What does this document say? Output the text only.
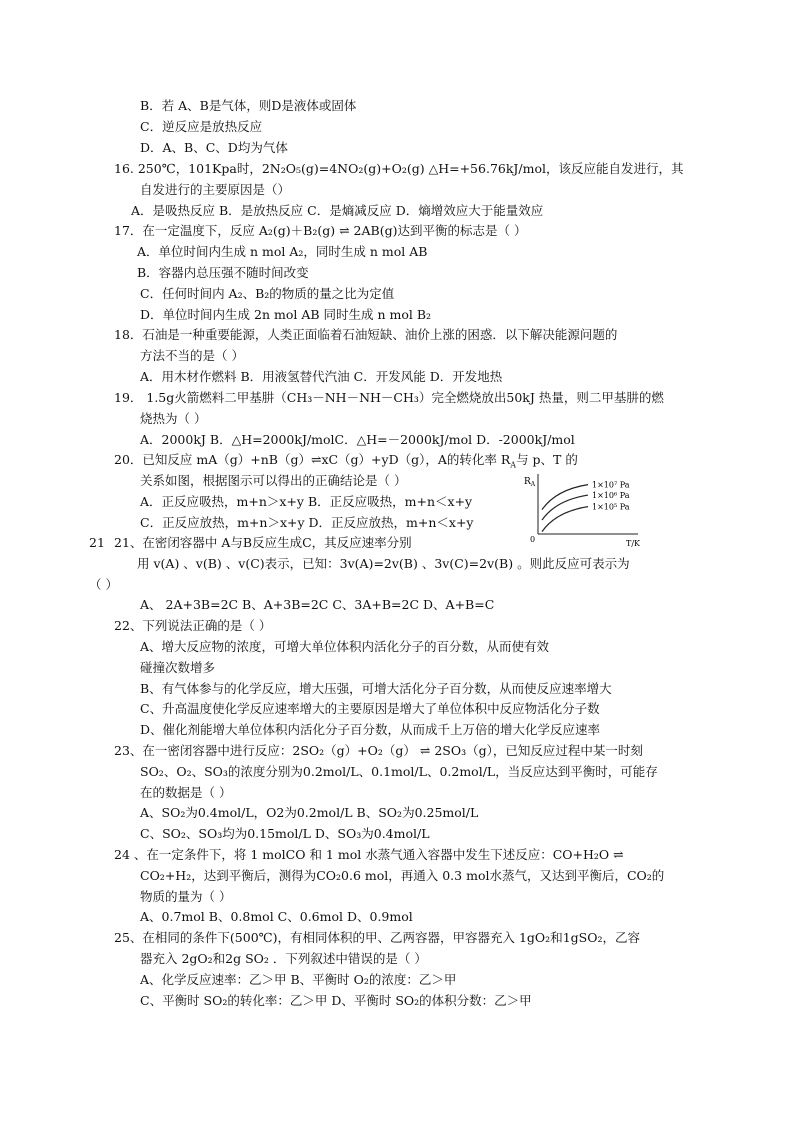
B．若 A、B是气体，则D是液体或固体
C．逆反应是放热反应
D．A、B、C、D均为气体
16. 250℃，101Kpa时，2N₂O₅(g)=4NO₂(g)+O₂(g) △H=+56.76kJ/mol，该反应能自发进行，其
自发进行的主要原因是（）
A．是吸热反应 B．是放热反应 C．是熵减反应 D．熵增效应大于能量效应
17．在一定温度下，反应 A₂(g)＋B₂(g) ⇌ 2AB(g)达到平衡的标志是（ ）
A．单位时间内生成 n mol A₂，同时生成 n mol AB
B．容器内总压强不随时间改变
C．任何时间内 A₂、B₂的物质的量之比为定值
D．单位时间内生成 2n mol AB 同时生成 n mol B₂
18．石油是一种重要能源，人类正面临着石油短缺、油价上涨的困惑．以下解决能源问题的
方法不当的是（ ）
A．用木材作燃料 B．用液氢替代汽油 C．开发风能 D．开发地热
19． 1.5g火箭燃料二甲基肼（CH₃－NH－NH－CH₃）完全燃烧放出50kJ 热量，则二甲基肼的燃
烧热为（ ）
A．2000kJ B．△H=2000kJ/molC．△H=－2000kJ/mol D．-2000kJ/mol
20．已知反应 mA（g）+nB（g）⇌xC（g）+yD（g），A的转化率 $R_A$与 p、T 的
关系如图，根据图示可以得出的正确结论是（ ）
A．正反应吸热，m+n＞x+y B．正反应吸热，m+n＜x+y
C．正反应放热，m+n＞x+y D．正反应放热，m+n＜x+y
$R_A$
0	T/K
1×10⁷ Pa
1×10⁶ Pa
1×10⁵ Pa
21 21、在密闭容器中 A与B反应生成C，其反应速率分别
用 v(A) 、v(B) 、v(C)表示，已知：3v(A)=2v(B) 、3v(C)=2v(B) 。则此反应可表示为
（ ）
A、 2A+3B=2C B、A+3B=2C C、3A+B=2C D、A+B=C
22、下列说法正确的是（ ）
A、增大反应物的浓度，可增大单位体积内活化分子的百分数，从而使有效
碰撞次数增多
B、有气体参与的化学反应，增大压强，可增大活化分子百分数，从而使反应速率增大
C、升高温度使化学反应速率增大的主要原因是增大了单位体积中反应物活化分子数
D、催化剂能增大单位体积内活化分子百分数，从而成千上万倍的增大化学反应速率
23、在一密闭容器中进行反应：2SO₂（g）+O₂（g） ⇌ 2SO₃（g），已知反应过程中某一时刻
SO₂、O₂、SO₃的浓度分别为0.2mol/L、0.1mol/L、0.2mol/L，当反应达到平衡时，可能存
在的数据是（ ）
A、SO₂为0.4mol/L，O2为0.2mol/L B、SO₂为0.25mol/L
C、SO₂、SO₃均为0.15mol/L D、SO₃为0.4mol/L
24 、在一定条件下，将 1 molCO 和 1 mol 水蒸气通入容器中发生下述反应：CO+H₂O ⇌
CO₂+H₂，达到平衡后，测得为CO₂0.6 mol，再通入 0.3 mol水蒸气，又达到平衡后，CO₂的
物质的量为（ ）
A、0.7mol B、0.8mol C、0.6mol D、0.9mol
25、在相同的条件下(500℃)，有相同体积的甲、乙两容器，甲容器充入 1gO₂和1gSO₂，乙容
器充入 2gO₂和2g SO₂ ．下列叙述中错误的是（ ）
A、化学反应速率：乙＞甲 B、平衡时 O₂的浓度：乙＞甲
C、平衡时 SO₂的转化率：乙＞甲 D、平衡时 SO₂的体积分数：乙＞甲
